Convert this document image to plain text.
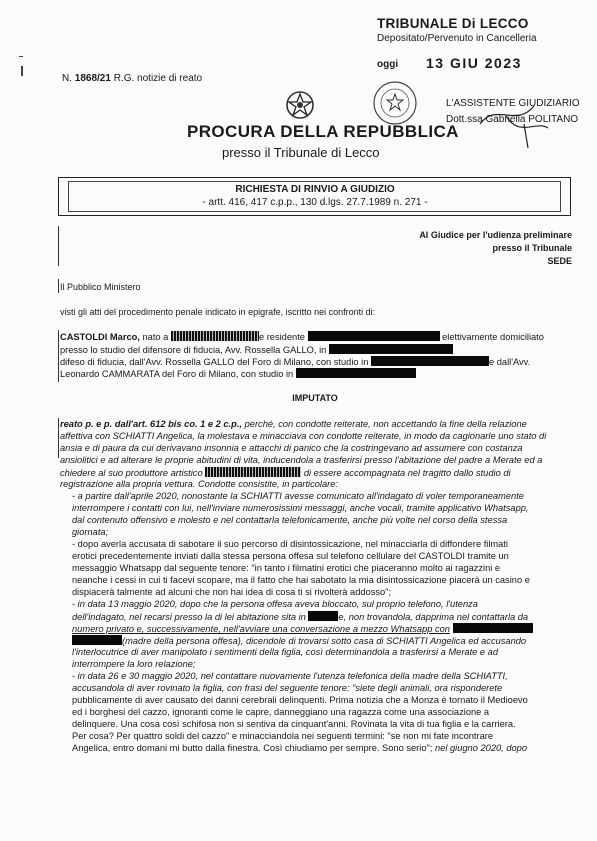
TRIBUNALE Di LECCO
Depositato/Pervenuto in Cancelleria
oggi 13 GIU 2023
L'ASSISTENTE GIUDIZIARIO
Dott.ssa Gabriella POLITANO
N. 1868/21 R.G. notizie di reato
PROCURA DELLA REPUBBLICA
presso il Tribunale di Lecco
RICHIESTA DI RINVIO A GIUDIZIO
- artt. 416, 417 c.p.p., 130 d.lgs. 27.7.1989 n. 271 -
Al Giudice per l'udienza preliminare
presso il Tribunale
SEDE
Il Pubblico Ministero
visti gli atti del procedimento penale indicato in epigrafe, iscritto nei confronti di:
CASTOLDI Marco, nato a	e residente	elettivamente domiciliato
presso lo studio del difensore di fiducia, Avv. Rossella GALLO, in
difeso di fiducia, dall'Avv. Rossella GALLO del Foro di Milano, con studio in	e dall'Avv.
Leonardo CAMMARATA del Foro di Milano, con studio in
IMPUTATO
reato p. e p. dall'art. 612 bis co. 1 e 2 c.p., perché, con condotte reiterate, non accettando la fine della relazione
affettiva con SCHIATTI Angelica, la molestava e minacciava con condotte reiterate, in modo da cagionarle uno stato di
ansia e di paura da cui derivavano insonnia e attacchi di panico che la costringevano ad assumere con costanza
ansiolitici e ad alterare le proprie abitudini di vita, inducendola a trasferirsi presso l'abitazione del padre a Merate ed a
chiedere al suo produttore artistico	di essere accompagnata nel tragitto dallo studio di
registrazione alla propria vettura. Condotte consistite, in particolare:
- a partire dall'aprile 2020, nonostante la SCHIATTI avesse comunicato all'indagato di voler temporaneamente
interrompere i contatti con lui, nell'inviare numerosissimi messaggi, anche vocali, tramite applicativo Whatsapp,
dal contenuto offensivo e molesto e nel contattarla telefonicamente, anche più volte nel corso della stessa
giornata;
- dopo averla accusata di sabotare il suo percorso di disintossicazione, nel minacciarla di diffondere filmati
erotici precedentemente inviati dalla stessa persona offesa sul telefono cellulare del CASTOLDI tramite un
messaggio Whatsapp dal seguente tenore: "in tanto i filmatini erotici che piaceranno molto ai ragazzini e
neanche i cessi in cui ti facevi scopare, ma il fatto che hai sabotato la mia disintossicazione piacerà un casino e
dispiacerà talmente ad alcuni che non hai idea di cosa ti si rivolterà addosso";
- in data 13 maggio 2020, dopo che la persona offesa aveva bloccato, sul proprio telefono, l'utenza
dell'indagato, nel recarsi presso la di lei abitazione sita in	e, non trovandola, dapprima nel contattarla da
numero privato e, successivamente, nell'avviare una conversazione a mezzo Whatsapp con
(madre della persona offesa), dicendole di trovarsi sotto casa di SCHIATTI Angelica ed accusando
l'interlocutrice di aver manipolato i sentimenti della figlia, così determinandola a trasferirsi a Merate e ad
interrompere la loro relazione;
- in data 26 e 30 maggio 2020, nel contattare nuovamente l'utenza telefonica della madre della SCHIATTI,
accusandola di aver rovinato la figlia, con frasi del seguente tenore: "siete degli animali, ora risponderete
pubblicamente di aver causato dei danni cerebrali delinquenti. Prima notizia che a Monza è tornato il Medioevo
ed i borghesi del cazzo, ignoranti come le capre, danneggiano una ragazza come una associazione a
delinquere. Una cosa così schifosa non si sentiva da cinquant'anni. Rovinata la vita di tua figlia e la carriera.
Per cosa? Per quattro soldi del cazzo" e minacciandola nei seguenti termini: "se non mi fate incontrare
Angelica, entro domani mi butto dalla finestra. Così chiudiamo per sempre. Sono serio"; nel giugno 2020, dopo
